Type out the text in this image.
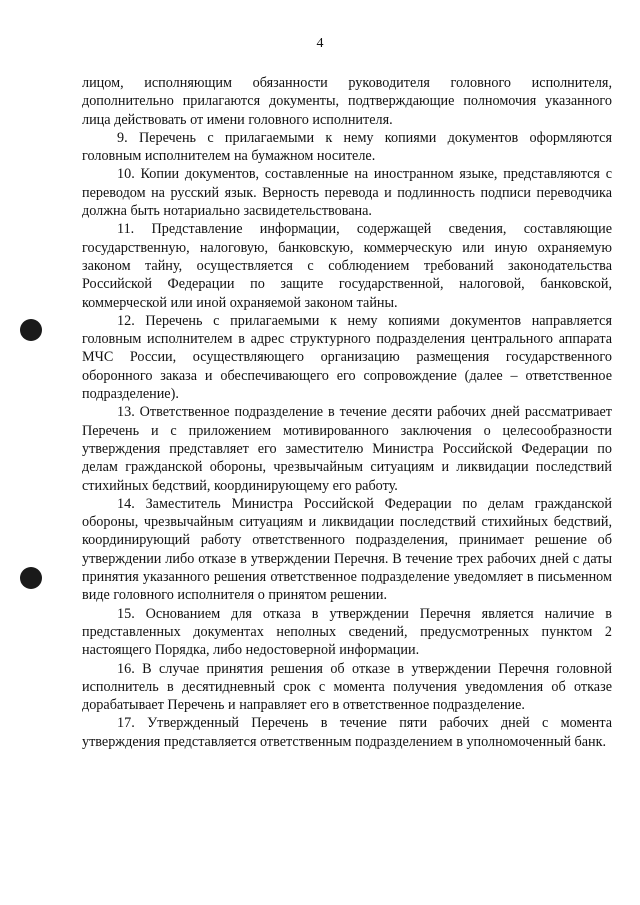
4

лицом, исполняющим обязанности руководителя головного исполнителя, дополнительно прилагаются документы, подтверждающие полномочия указанного лица действовать от имени головного исполнителя.

9. Перечень с прилагаемыми к нему копиями документов оформляются головным исполнителем на бумажном носителе.

10. Копии документов, составленные на иностранном языке, представляются с переводом на русский язык. Верность перевода и подлинность подписи переводчика должна быть нотариально засвидетельствована.

11. Представление информации, содержащей сведения, составляющие государственную, налоговую, банковскую, коммерческую или иную охраняемую законом тайну, осуществляется с соблюдением требований законодательства Российской Федерации по защите государственной, налоговой, банковской, коммерческой или иной охраняемой законом тайны.

12. Перечень с прилагаемыми к нему копиями документов направляется головным исполнителем в адрес структурного подразделения центрального аппарата МЧС России, осуществляющего организацию размещения государственного оборонного заказа и обеспечивающего его сопровождение (далее – ответственное подразделение).

13. Ответственное подразделение в течение десяти рабочих дней рассматривает Перечень и с приложением мотивированного заключения о целесообразности утверждения представляет его заместителю Министра Российской Федерации по делам гражданской обороны, чрезвычайным ситуациям и ликвидации последствий стихийных бедствий, координирующему его работу.

14. Заместитель Министра Российской Федерации по делам гражданской обороны, чрезвычайным ситуациям и ликвидации последствий стихийных бедствий, координирующий работу ответственного подразделения, принимает решение об утверждении либо отказе в утверждении Перечня. В течение трех рабочих дней с даты принятия указанного решения ответственное подразделение уведомляет в письменном виде головного исполнителя о принятом решении.

15. Основанием для отказа в утверждении Перечня является наличие в представленных документах неполных сведений, предусмотренных пунктом 2 настоящего Порядка, либо недостоверной информации.

16. В случае принятия решения об отказе в утверждении Перечня головной исполнитель в десятидневный срок с момента получения уведомления об отказе дорабатывает Перечень и направляет его в ответственное подразделение.

17. Утвержденный Перечень в течение пяти рабочих дней с момента утверждения представляется ответственным подразделением в уполномоченный банк.
